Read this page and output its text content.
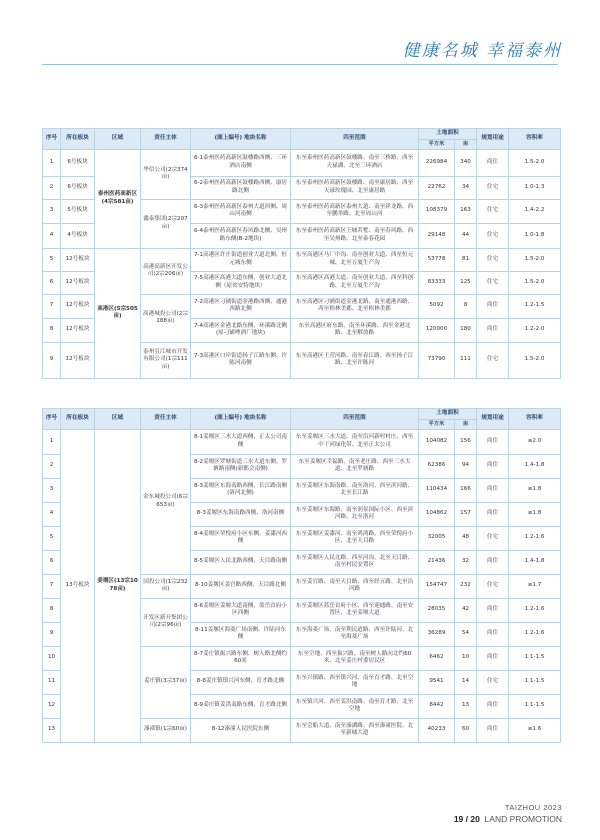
健康名城 幸福泰州
序号	所在板块	区域	责任主体	(图上编号) 地块名称	四至范围	土地面积		规划用途	容积率
						平方米	亩		
1	6号板块	泰州医药高新区(4宗581亩)	华信公司(2宗374亩)	6-1泰州医药高新区鼓楼路西侧、三环酒店南侧	东至泰州医药高新区鼓楼路、南至三桥路、西至天禄湖、北至三环酒店	226984	340	商住	1.5-2.0
2	6号板块			6-2泰州医药高新区鼓楼路西侧、康居路北侧	东至泰州医药高新区鼓楼路、南至康居路、西至天禄玫瑰园、北至康居路	22762	34	住宅	1.0-1.3
3	5号板块		鑫泰集团(2宗207亩)	6-3泰州医药高新区泰州大道西侧、周山河南侧	东至泰州医药高新区泰州大道、南至祥龙路、西至鹏举路、北至周山河	108379	163	住宅	1.4-2.2
4	4号板块			6-4泰州医药高新区春风路北侧、吴州路东侧(B-2地块)	东至泰州医药高新区王城茗墅、南至春风路、西至吴州路、北至泰春花园	29148	44	住宅	1.0-1.8
5	12号板块	高港区(5宗505亩)	高港高新区开发公司(2宗206亩)	7-1高港区许庄街道创业大道北侧、恒元城东侧	东至高港区马厂中沟、南至创业大道、西至恒元城、北至万厦生产沟	53778	81	住宅	1.5-2.0
6	12号板块			7-5高港区高港大道东侧、创业大道北侧（原贫安特地块）	东至高港区高港大道、南至创业大道、西至科创路、北至万厦生产沟	83333	125	住宅	1.5-2.0
7	12号板块		高港城投公司(2宗188亩)	7-2高港区刁铺街道金港路西侧、通港西路北侧	东至高港区刁铺街道金港北路、南至通港西路、西至梧林美郡、北至梧林美郡	5092	8	商住	1.2-1.5
8	12号板块			7-4高港区金港北路东侧、环溪路北侧(原刁铺啤酒厂地块)	东至高港区府东路、南至环溪路、西至金港北路、北至解放路	120000	180	商住	1.2-2.0
9	12号板块		泰州引江城市开发有限公司(1宗111亩)	7-3高港区口岸街道扬子江路东侧、许陈河南侧	东至高港区王营河路、南至春江路、西至扬子江路、北至许陈河	73790	111	住宅	1.5-2.0
序号	所在板块	区域	责任主体	(图上编号) 地块名称	四至范围	土地面积		规划用途	容积率
						平方米	亩		
1	13号板块	姜堰区(13宗1078亩)	金东城投公司(6宗653亩)	8-1姜堰区三水大道西侧、正太公司南侧	东至姜堰区三水大道、南至沿河新村村庄、西至中干河绿化带、北至正太公司	104082	156	商住	≤2.0
2				8-2姜堰区罗塘街道三水大道东侧、罗塘路南侧(新都会南侧)	东至姜堰区幸福路、南至老庄路、西至三水大道、北至罗塘路	62386	94	商住	1.4-1.8
3				8-3姜堰区东海南路西侧、长江路南侧(洛河北侧)	东至姜堰区东海南路、南至洛河、西至滨河路、北至长江路	110434	166	商住	≤1.8
4				8-3姜堰区东海南路西侧、洛河南侧	东至姜堰区东海路、南至润景国际小区、西至滨河路、北至洛河	104862	157	商住	≤1.8
5				8-4姜堰区荣悦府小区东侧、姜漆河西侧	东至姜堰区姜漆河、南至鸿鸿路、西至荣悦府小区、北至天目路	32005	48	住宅	1.2-1.6
6				8-5姜堰区人民北路西侧、天目路南侧	东至姜堰区人民北路、西至河沟、北至天目路、南至村民安置区	21436	32	商住	1.4-1.8
7			国投公司(1宗232亩)	8-10姜堰区姜官路西侧、天目路北侧	东至姜官路、南至天目路、西至经五路、北至沿河路	154747	232	住宅	≤1.7
8			开发区新开集团公司(2宗96亩)	8-6姜堰区姜堰大道南侧、蓝岳首府小区西侧	东至姜堰区蓝岳首府小区、西至迎通路、南至安置区、北至姜堰大道	28035	42	商住	1.2-1.6
9				8-11姜堰区海菱广场南侧、许陆河东侧	东至海菱广场、南至利民道路、西至许陆河、北至海菱广场	36289	54	商住	1.2-1.6
10			姜庄镇(3宗37亩)	8-7姜庄镇振兴路东侧、树人路北侧约60米	东至空地、西至振兴路、南至树人路向北约60米、北至姜庄村委居民区	6462	10	商住	1.1-1.5
11				8-8姜庄镇镇兴河东侧、育才路北侧	东至兴镇路、西至镇兴河、南至育才路、北至空地	9541	14	住宅	1.1-1.5
12				8-9姜庄镇姜洪南路东侧、育才路北侧	东至镇兴河、西至姜洪南路、南至育才路、北至空地	8442	13	商住	1.1-1.5
13			溱潼镇(1宗60亩)	8-12溱潼人民医院东侧	东至会船大道、南至溱湖路、西至溱潼医院、北至新城大道	40233	60	商住	≤1.6
TAIZHOU 2023
19 / 20 LAND PROMOTION
